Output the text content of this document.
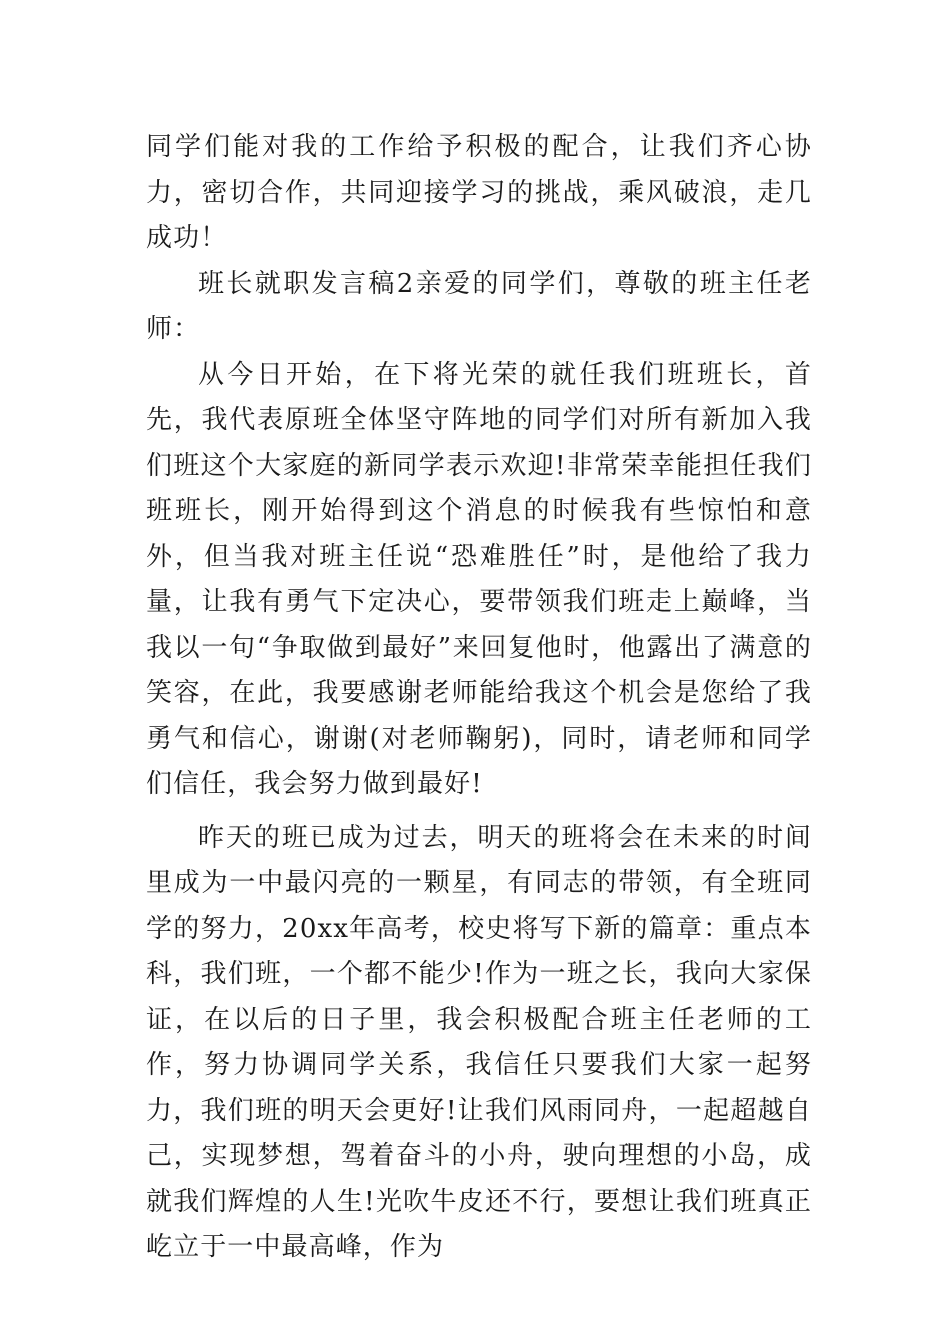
同学们能对我的工作给予积极的配合，让我们齐心协力，密切合作，共同迎接学习的挑战，乘风破浪，走几成功！

班长就职发言稿2亲爱的同学们，尊敬的班主任老师：

从今日开始，在下将光荣的就任我们班班长，首先，我代表原班全体坚守阵地的同学们对所有新加入我们班这个大家庭的新同学表示欢迎!非常荣幸能担任我们班班长，刚开始得到这个消息的时候我有些惊怕和意外，但当我对班主任说“恐难胜任”时，是他给了我力量，让我有勇气下定决心，要带领我们班走上巅峰，当我以一句“争取做到最好”来回复他时，他露出了满意的笑容，在此，我要感谢老师能给我这个机会是您给了我勇气和信心，谢谢(对老师鞠躬)，同时，请老师和同学们信任，我会努力做到最好!

昨天的班已成为过去，明天的班将会在未来的时间里成为一中最闪亮的一颗星，有同志的带领，有全班同学的努力，20xx年高考，校史将写下新的篇章：重点本科，我们班，一个都不能少!作为一班之长，我向大家保证，在以后的日子里，我会积极配合班主任老师的工作，努力协调同学关系，我信任只要我们大家一起努力，我们班的明天会更好!让我们风雨同舟，一起超越自己，实现梦想，驾着奋斗的小舟，驶向理想的小岛，成就我们辉煌的人生!光吹牛皮还不行，要想让我们班真正屹立于一中最高峰，作为
